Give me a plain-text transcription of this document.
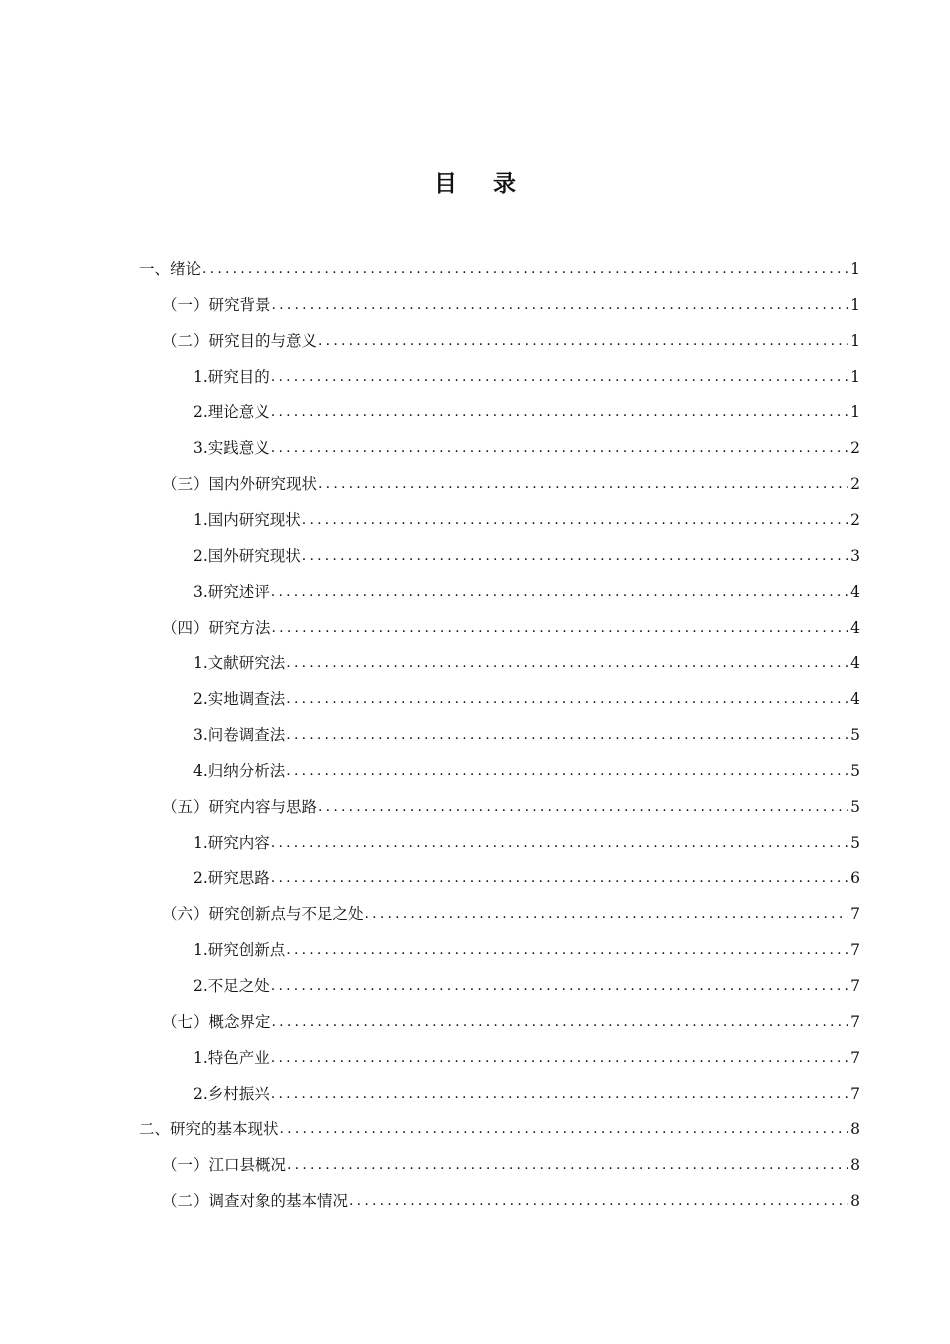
目 录
一、绪论 .....	1
（一）研究背景 .....	1
（二）研究目的与意义 .....	1
1.研究目的 .....	1
2.理论意义 .....	1
3.实践意义 .....	2
（三）国内外研究现状 .....	2
1.国内研究现状 .....	2
2.国外研究现状 .....	3
3.研究述评 .....	4
（四）研究方法 .....	4
1.文献研究法 .....	4
2.实地调查法 .....	4
3.问卷调查法 .....	5
4.归纳分析法 .....	5
（五）研究内容与思路 .....	5
1.研究内容 .....	5
2.研究思路 .....	6
（六）研究创新点与不足之处 .....	7
1.研究创新点 .....	7
2.不足之处 .....	7
（七）概念界定 .....	7
1.特色产业 .....	7
2.乡村振兴 .....	7
二、研究的基本现状 .....	8
（一）江口县概况 .....	8
（二）调查对象的基本情况 .....	8
